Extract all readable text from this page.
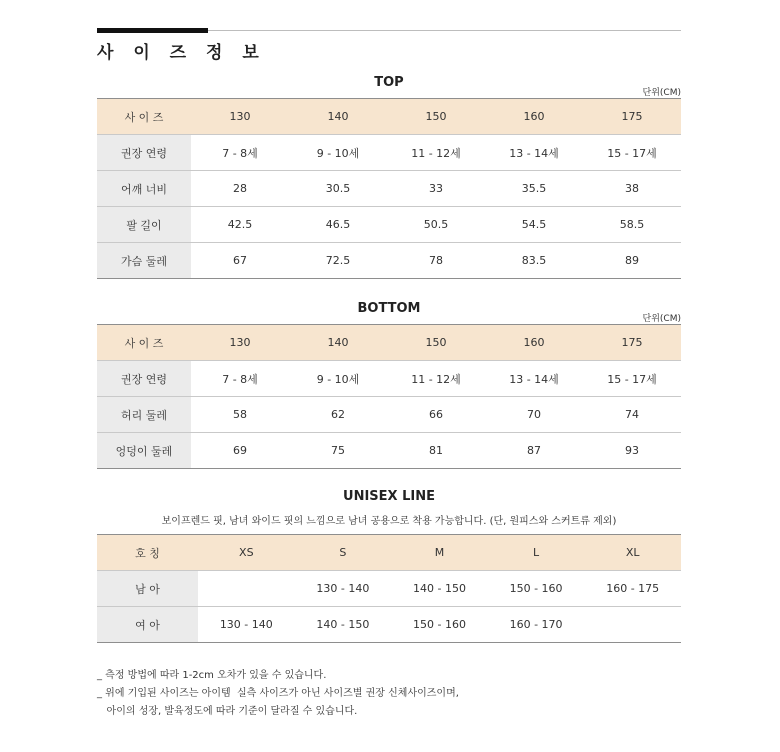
사 이 즈 정 보
TOP
단위(CM)
사 이 즈	130	140	150	160	175
권장 연령	7 - 8세	9 - 10세	11 - 12세	13 - 14세	15 - 17세
어깨 너비	28	30.5	33	35.5	38
팔 길이	42.5	46.5	50.5	54.5	58.5
가슴 둘레	67	72.5	78	83.5	89
BOTTOM
단위(CM)
사 이 즈	130	140	150	160	175
권장 연령	7 - 8세	9 - 10세	11 - 12세	13 - 14세	15 - 17세
허리 둘레	58	62	66	70	74
엉덩이 둘레	69	75	81	87	93
UNISEX LINE
보이프렌드 핏, 남녀 와이드 핏의 느낌으로 남녀 공용으로 착용 가능합니다. (단, 원피스와 스커트류 제외)
호 칭	XS	S	M	L	XL
남 아		130 - 140	140 - 150	150 - 160	160 - 175
여 아	130 - 140	140 - 150	150 - 160	160 - 170	
_ 측정 방법에 따라 1-2cm 오차가 있을 수 있습니다.
_ 위에 기입된 사이즈는 아이템  실측 사이즈가 아닌 사이즈별 권장 신체사이즈이며,
아이의 성장, 발육정도에 따라 기준이 달라질 수 있습니다.
